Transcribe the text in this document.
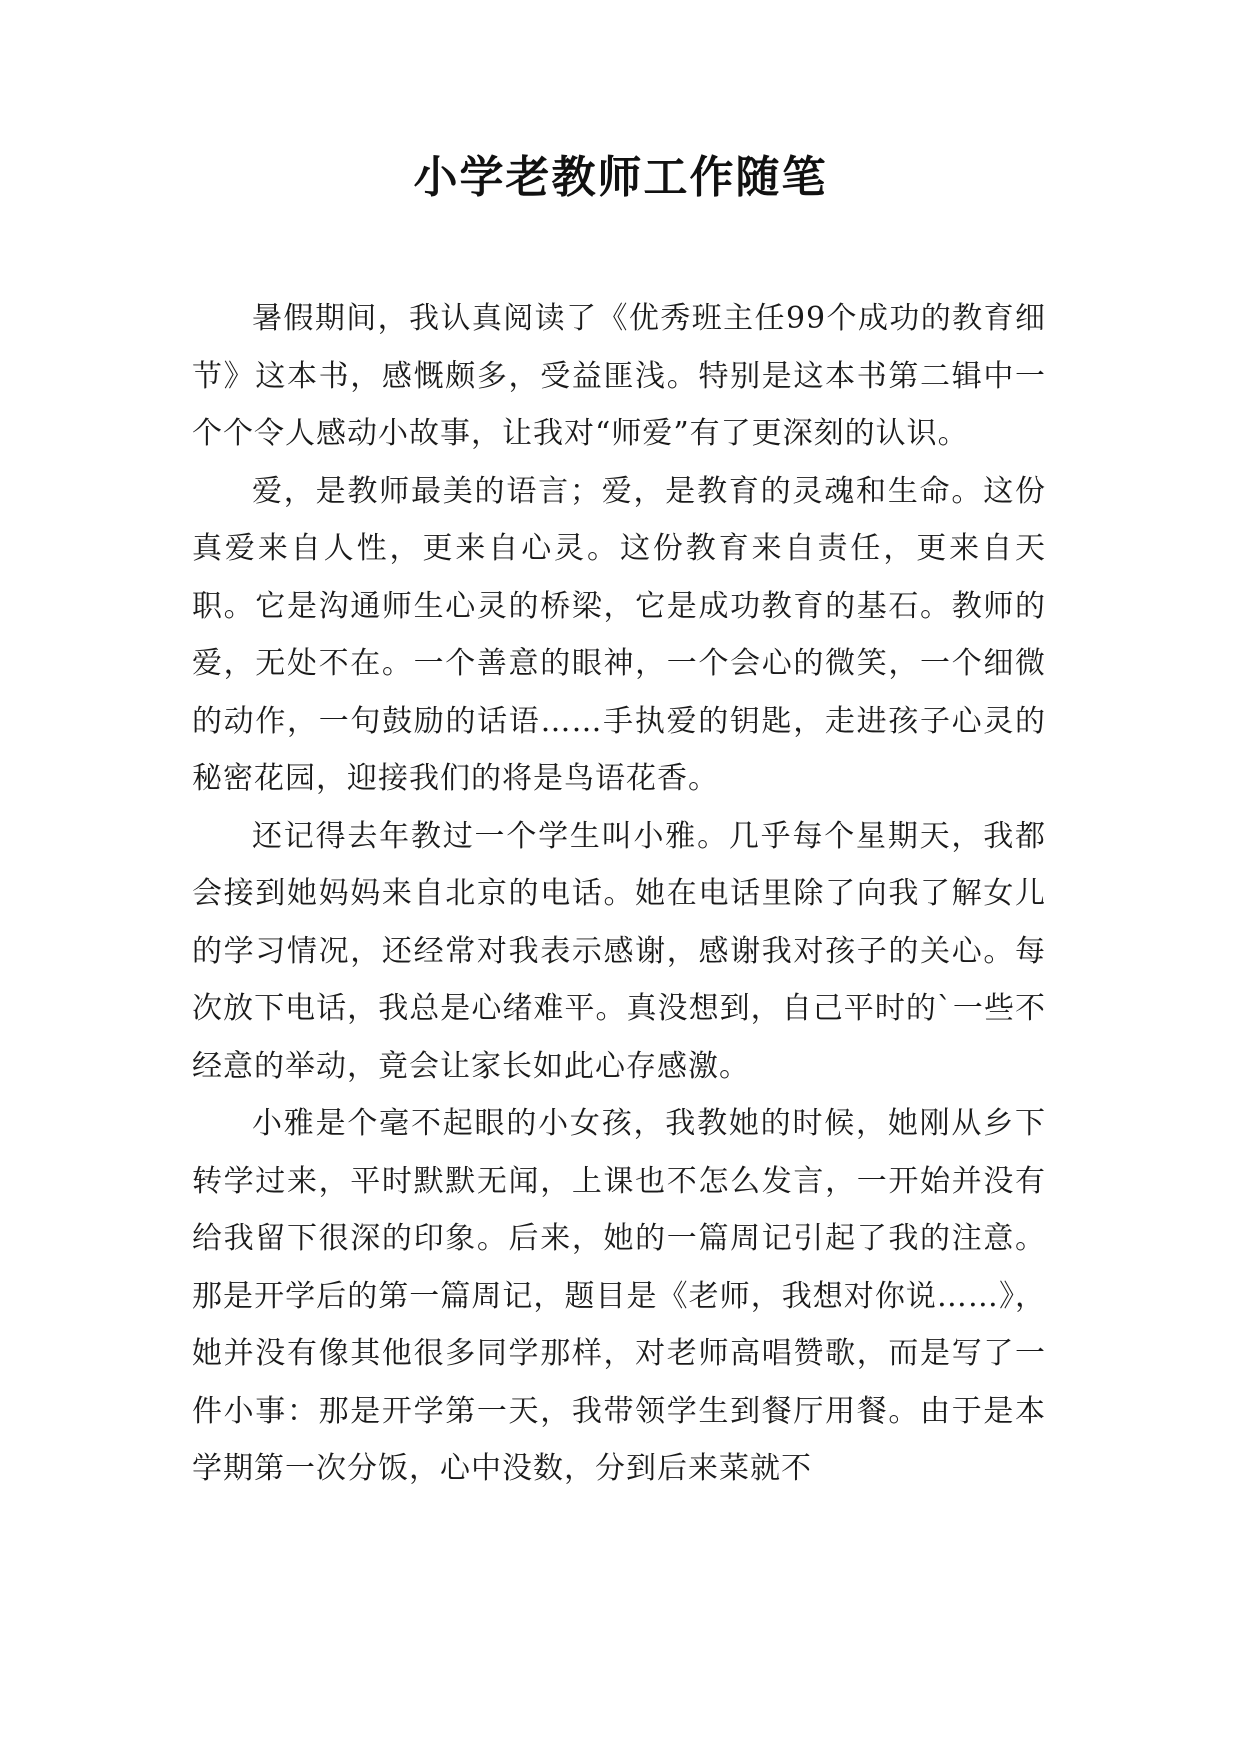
小学老教师工作随笔

暑假期间，我认真阅读了《优秀班主任99个成功的教育细节》这本书，感慨颇多，受益匪浅。特别是这本书第二辑中一个个令人感动小故事，让我对“师爱”有了更深刻的认识。

爱，是教师最美的语言；爱，是教育的灵魂和生命。这份真爱来自人性，更来自心灵。这份教育来自责任，更来自天职。它是沟通师生心灵的桥梁，它是成功教育的基石。教师的爱，无处不在。一个善意的眼神，一个会心的微笑，一个细微的动作，一句鼓励的话语……手执爱的钥匙，走进孩子心灵的秘密花园，迎接我们的将是鸟语花香。

还记得去年教过一个学生叫小雅。几乎每个星期天，我都会接到她妈妈来自北京的电话。她在电话里除了向我了解女儿的学习情况，还经常对我表示感谢，感谢我对孩子的关心。每次放下电话，我总是心绪难平。真没想到，自己平时的`一些不经意的举动，竟会让家长如此心存感激。

小雅是个毫不起眼的小女孩，我教她的时候，她刚从乡下转学过来，平时默默无闻，上课也不怎么发言，一开始并没有给我留下很深的印象。后来，她的一篇周记引起了我的注意。那是开学后的第一篇周记，题目是《老师，我想对你说……》，她并没有像其他很多同学那样，对老师高唱赞歌，而是写了一件小事：那是开学第一天，我带领学生到餐厅用餐。由于是本学期第一次分饭，心中没数，分到后来菜就不
